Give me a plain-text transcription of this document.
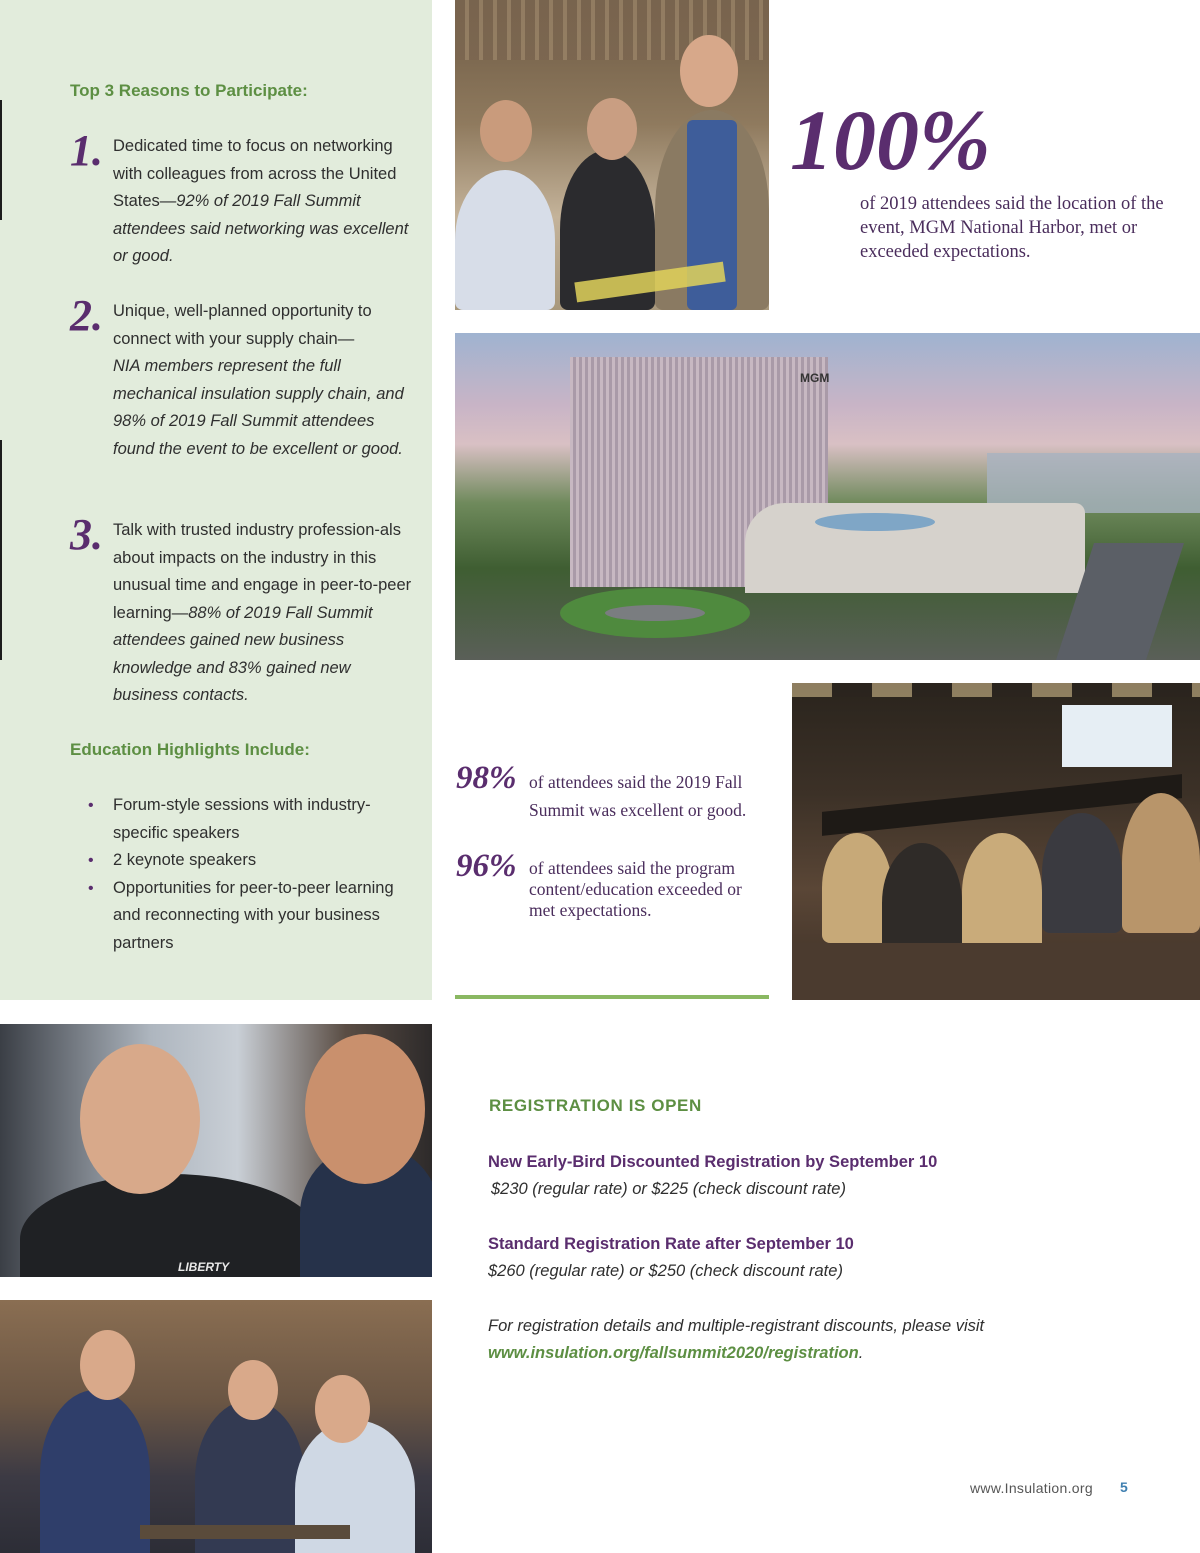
Top 3 Reasons to Participate:
1. Dedicated time to focus on networking with colleagues from across the United States—92% of 2019 Fall Summit attendees said networking was excellent or good.
2. Unique, well-planned opportunity to connect with your supply chain—
NIA members represent the full mechanical insulation supply chain, and 98% of 2019 Fall Summit attendees found the event to be excellent or good.
3. Talk with trusted industry profession-als about impacts on the industry in this unusual time and engage in peer-to-peer learning—88% of 2019 Fall Summit attendees gained new business knowledge and 83% gained new business contacts.
Education Highlights Include:
• Forum-style sessions with industry-specific speakers
• 2 keynote speakers
• Opportunities for peer-to-peer learning and reconnecting with your business partners
100%
of 2019 attendees said the location of the event, MGM National Harbor, met or exceeded expectations.
MGM
98% of attendees said the 2019 Fall Summit was excellent or good.
96% of attendees said the program content/education exceeded or met expectations.
LIBERTY
REGISTRATION IS OPEN
New Early-Bird Discounted Registration by September 10
$230 (regular rate) or $225 (check discount rate)
Standard Registration Rate after September 10
$260 (regular rate) or $250 (check discount rate)
For registration details and multiple-registrant discounts, please visit
www.insulation.org/fallsummit2020/registration.
www.Insulation.org 5
